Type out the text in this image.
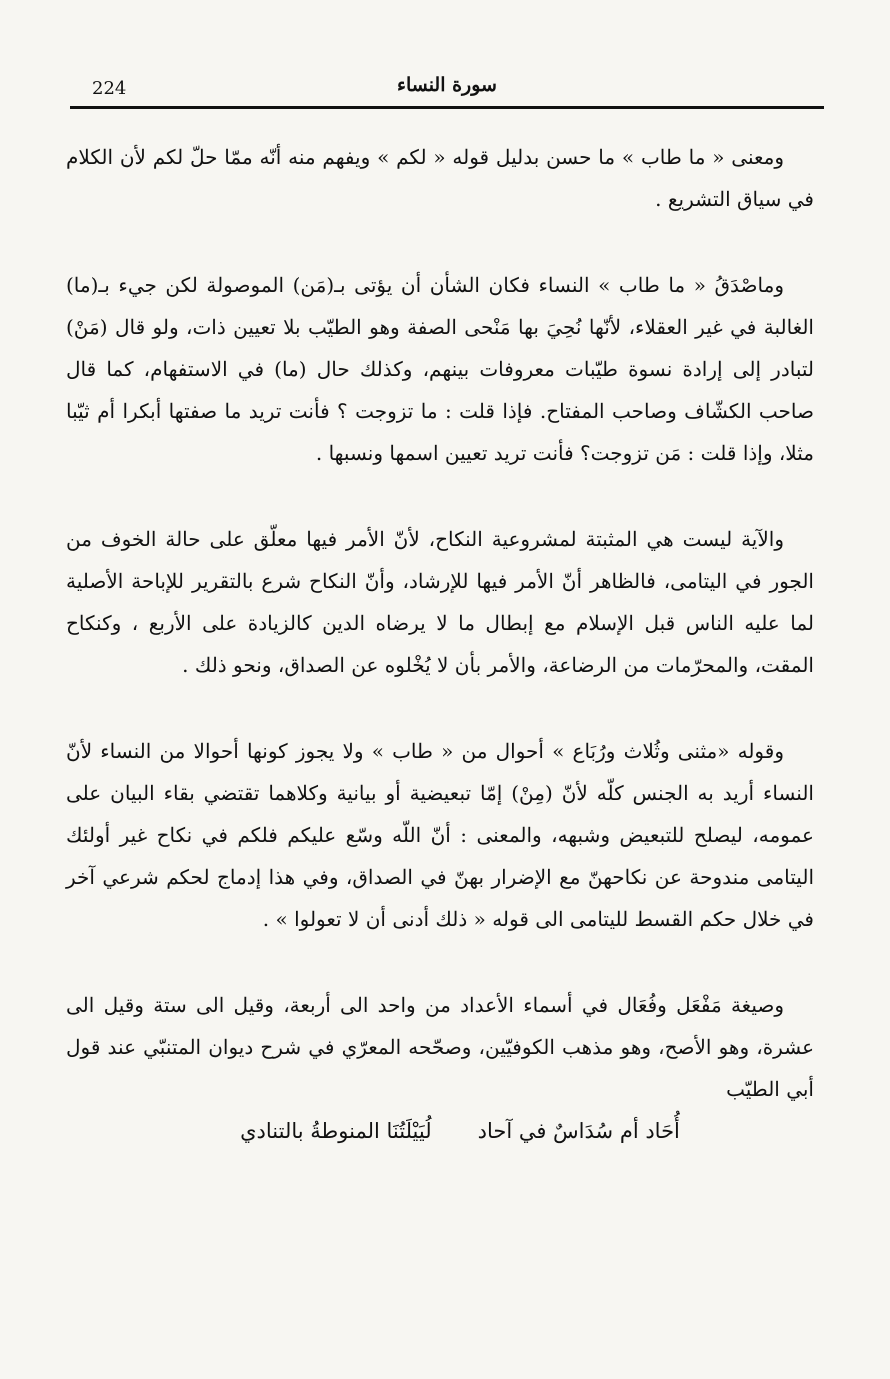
224	سورة النساء

ومعنى « ما طاب » ما حسن بدليل قوله « لكم » ويفهم منه أنّه ممّا حلّ لكم لأن الكلام في سياق التشريع .

وماصْدَقُ « ما طاب » النساء فكان الشأن أن يؤتى بـ(مَن) الموصولة لكن جيء بـ(ما) الغالبة في غير العقلاء، لأنّها نُحِيَ بها مَنْحى الصفة وهو الطيّب بلا تعيين ذات، ولو قال (مَنْ) لتبادر إلى إرادة نسوة طيّبات معروفات بينهم، وكذلك حال (ما) في الاستفهام، كما قال صاحب الكشّاف وصاحب المفتاح. فإذا قلت : ما تزوجت ؟ فأنت تريد ما صفتها أبكرا أم ثيّبا مثلا، وإذا قلت : مَن تزوجت؟ فأنت تريد تعيين اسمها ونسبها .

والآية ليست هي المثبتة لمشروعية النكاح، لأنّ الأمر فيها معلّق على حالة الخوف من الجور في اليتامى، فالظاهر أنّ الأمر فيها للإرشاد، وأنّ النكاح شرع بالتقرير للإباحة الأصلية لما عليه الناس قبل الإسلام مع إبطال ما لا يرضاه الدين كالزيادة على الأربع ، وكنكاح المقت، والمحرّمات من الرضاعة، والأمر بأن لا يُخْلوه عن الصداق، ونحو ذلك .

وقوله «مثنى وثُلاث ورُبَاع » أحوال من « طاب » ولا يجوز كونها أحوالا من النساء لأنّ النساء أريد به الجنس كلّه لأنّ (مِنْ) إمّا تبعيضية أو بيانية وكلاهما تقتضي بقاء البيان على عمومه، ليصلح للتبعيض وشبهه، والمعنى : أنّ اللّه وسّع عليكم فلكم في نكاح غير أولئك اليتامى مندوحة عن نكاحهنّ مع الإضرار بهنّ في الصداق، وفي هذا إدماج لحكم شرعي آخر في خلال حكم القسط لليتامى الى قوله « ذلك أدنى أن لا تعولوا » .

وصيغة مَفْعَل وفُعَال في أسماء الأعداد من واحد الى أربعة، وقيل الى ستة وقيل الى عشرة، وهو الأصح، وهو مذهب الكوفيّين، وصحّحه المعرّي في شرح ديوان المتنبّي عند قول أبي الطيّب

أُحَاد أم سُدَاسٌ في آحاد
لُيَيْلَتُنَا المنوطةُ بالتنادي
